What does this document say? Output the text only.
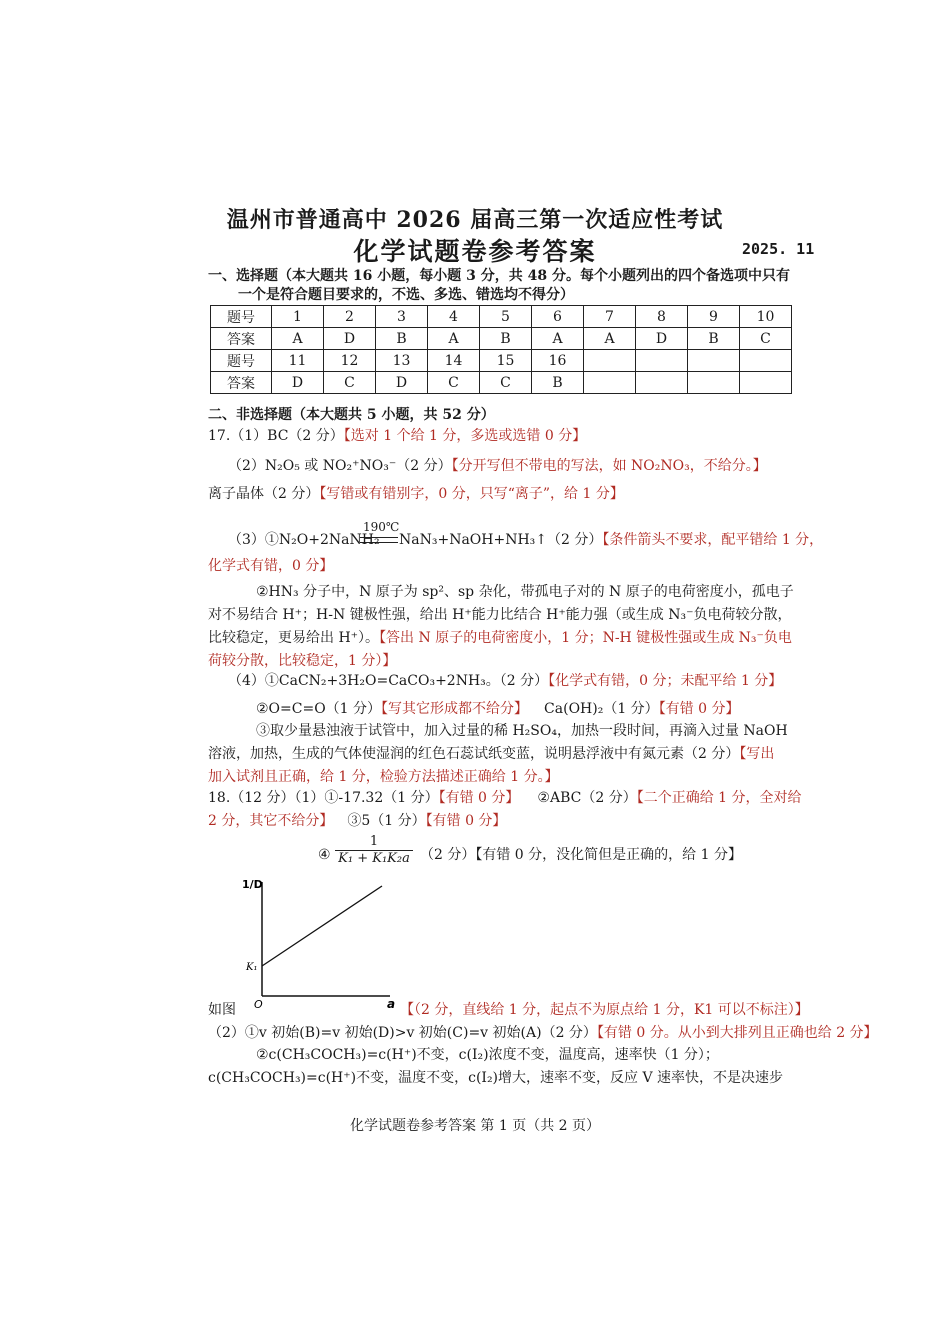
温州市普通高中 2026 届高三第一次适应性考试
化学试题卷参考答案	2025. 11
一、选择题（本大题共 16 小题，每小题 3 分，共 48 分。每个小题列出的四个备选项中只有
一个是符合题目要求的，不选、多选、错选均不得分）
题号	1	2	3	4	5	6	7	8	9	10
答案	A	D	B	A	B	A	A	D	B	C
题号	11	12	13	14	15	16				
答案	D	C	D	C	C	B				
二、非选择题（本大题共 5 小题，共 52 分）
17.（1）BC（2 分）【选对 1 个给 1 分，多选或选错 0 分】
（2）N₂O₅ 或 NO₂⁺NO₃⁻（2 分）【分开写但不带电的写法，如 NO₂NO₃，不给分。】
离子晶体（2 分）【写错或有错别字，0 分，只写“离子”，给 1 分】
190℃
（3）①N₂O+2NaNH₂ NaN₃+NaOH+NH₃↑（2 分）【条件箭头不要求，配平错给 1 分，
化学式有错，0 分】
②HN₃ 分子中，N 原子为 sp²、sp 杂化，带孤电子对的 N 原子的电荷密度小，孤电子
对不易结合 H⁺；H-N 键极性强，给出 H⁺能力比结合 H⁺能力强（或生成 N₃⁻负电荷较分散，
比较稳定，更易给出 H⁺）。【答出 N 原子的电荷密度小，1 分；N-H 键极性强或生成 N₃⁻负电
荷较分散，比较稳定，1 分）】
（4）①CaCN₂+3H₂O=CaCO₃+2NH₃。（2 分）【化学式有错，0 分；未配平给 1 分】
②O=C=O（1 分）【写其它形成都不给分】 Ca(OH)₂（1 分）【有错 0 分】
③取少量悬浊液于试管中，加入过量的稀 H₂SO₄，加热一段时间，再滴入过量 NaOH
溶液，加热，生成的气体使湿润的红色石蕊试纸变蓝，说明悬浮液中有氮元素（2 分）【写出
加入试剂且正确，给 1 分，检验方法描述正确给 1 分。】
18.（12 分）（1）①-17.32（1 分）【有错 0 分】 ②ABC（2 分）【二个正确给 1 分，全对给
2 分，其它不给分】 ③5（1 分）【有错 0 分】
④ $\frac{1}{\text{K₁ + K₁K₂a}} (2$ 分）【有错 0 分，没化简但是正确的，给 1 分】
1/D
K₁
O	a
如图	【（2 分，直线给 1 分，起点不为原点给 1 分，K1 可以不标注）】
（2）①v 初始(B)=v 初始(D)>v 初始(C)=v 初始(A)（2 分）【有错 0 分。从小到大排列且正确也给 2 分】
②c(CH₃COCH₃)=c(H⁺)不变，c(I₂)浓度不变，温度高，速率快（1 分）；
c(CH₃COCH₃)=c(H⁺)不变，温度不变，c(I₂)增大，速率不变，反应 V 速率快，不是决速步
化学试题卷参考答案 第 1 页（共 2 页）
